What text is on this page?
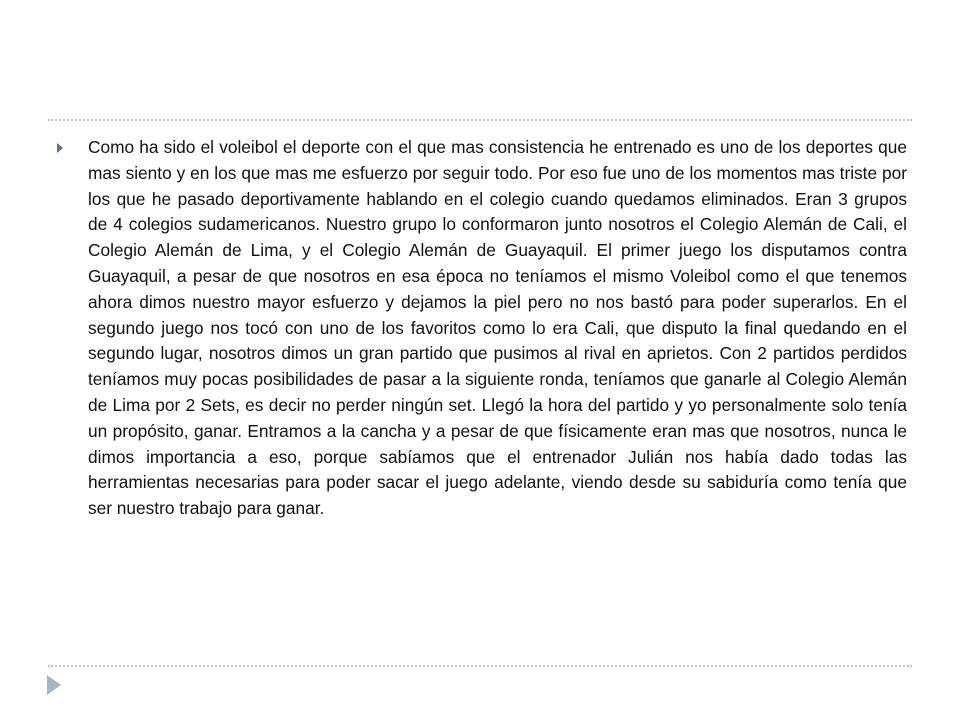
Como ha sido el voleibol el deporte con el que mas consistencia he entrenado es uno de los deportes que mas siento y en los que mas me esfuerzo por seguir todo. Por eso fue uno de los momentos mas triste por los que he pasado deportivamente hablando en el colegio cuando quedamos eliminados. Eran 3 grupos de 4 colegios sudamericanos. Nuestro grupo lo conformaron junto nosotros el Colegio Alemán de Cali, el Colegio Alemán de Lima, y el Colegio Alemán de Guayaquil. El primer juego los disputamos contra Guayaquil, a pesar de que nosotros en esa época no teníamos el mismo Voleibol como el que tenemos ahora dimos nuestro mayor esfuerzo y dejamos la piel pero no nos bastó para poder superarlos. En el segundo juego nos tocó con uno de los favoritos como lo era Cali, que disputo la final quedando en el segundo lugar, nosotros dimos un gran partido que pusimos al rival en aprietos. Con 2 partidos perdidos teníamos muy pocas posibilidades de pasar a la siguiente ronda, teníamos que ganarle al Colegio Alemán de Lima por 2 Sets, es decir no perder ningún set. Llegó la hora del partido y yo personalmente solo tenía un propósito, ganar. Entramos a la cancha y a pesar de que físicamente eran mas que nosotros, nunca le dimos importancia a eso, porque sabíamos que el entrenador Julián nos había dado todas las herramientas necesarias para poder sacar el juego adelante, viendo desde su sabiduría como tenía que ser nuestro trabajo para ganar.
